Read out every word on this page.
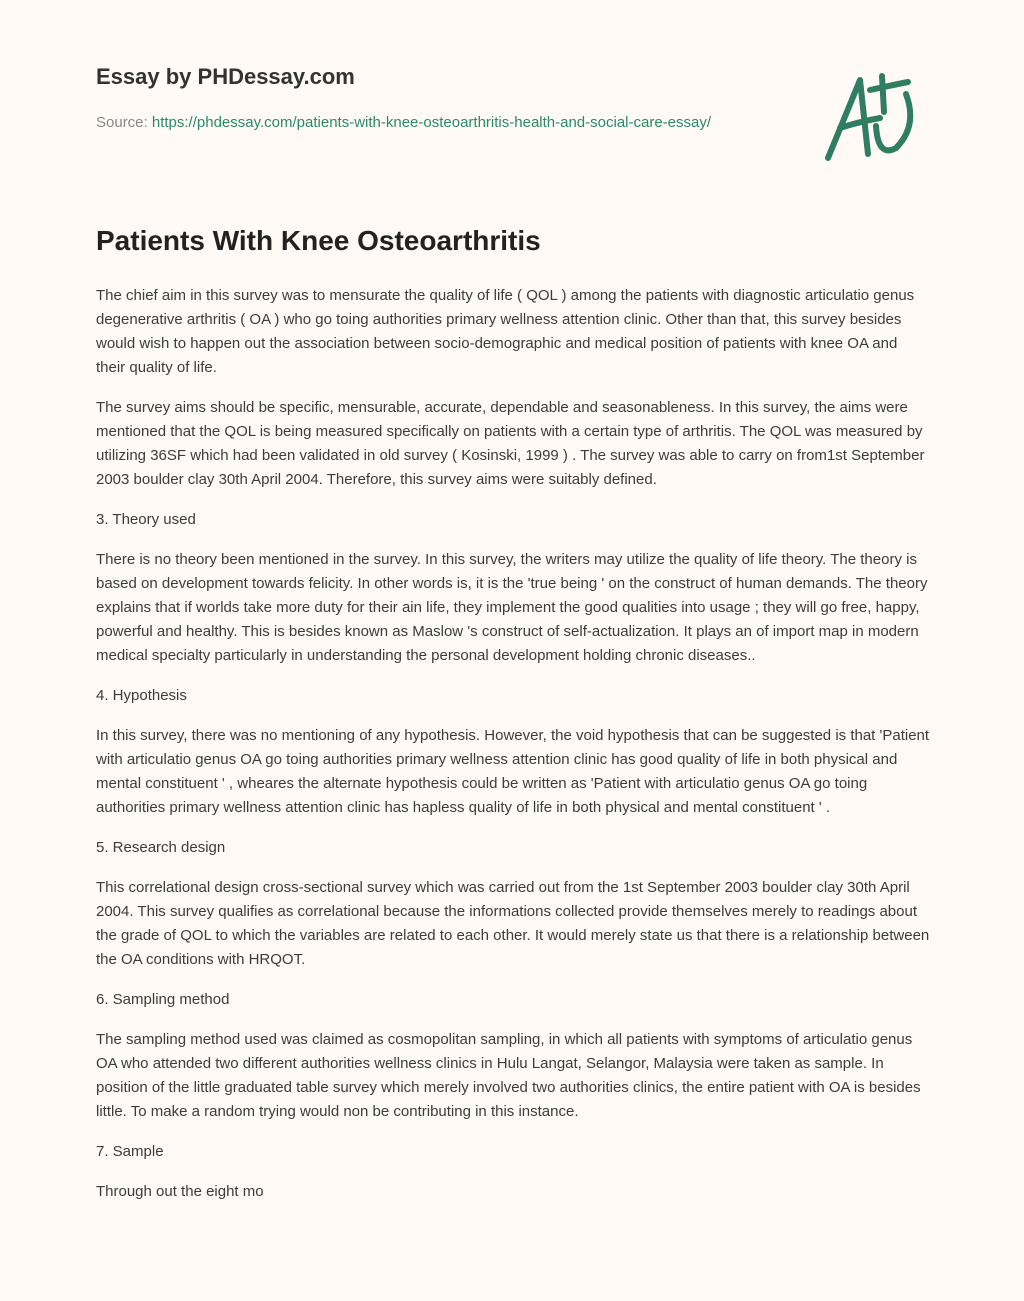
Essay by PHDessay.com
Source: https://phdessay.com/patients-with-knee-osteoarthritis-health-and-social-care-essay/
Patients With Knee Osteoarthritis

The chief aim in this survey was to mensurate the quality of life ( QOL ) among the patients with diagnostic articulatio genus degenerative arthritis ( OA ) who go toing authorities primary wellness attention clinic. Other than that, this survey besides would wish to happen out the association between socio-demographic and medical position of patients with knee OA and their quality of life.

The survey aims should be specific, mensurable, accurate, dependable and seasonableness. In this survey, the aims were mentioned that the QOL is being measured specifically on patients with a certain type of arthritis. The QOL was measured by utilizing 36SF which had been validated in old survey ( Kosinski, 1999 ) . The survey was able to carry on from1st September 2003 boulder clay 30th April 2004. Therefore, this survey aims were suitably defined.

3. Theory used

There is no theory been mentioned in the survey. In this survey, the writers may utilize the quality of life theory. The theory is based on development towards felicity. In other words is, it is the 'true being ' on the construct of human demands. The theory explains that if worlds take more duty for their ain life, they implement the good qualities into usage ; they will go free, happy, powerful and healthy. This is besides known as Maslow 's construct of self-actualization. It plays an of import map in modern medical specialty particularly in understanding the personal development holding chronic diseases..

4. Hypothesis

In this survey, there was no mentioning of any hypothesis. However, the void hypothesis that can be suggested is that 'Patient with articulatio genus OA go toing authorities primary wellness attention clinic has good quality of life in both physical and mental constituent ' , wheares the alternate hypothesis could be written as 'Patient with articulatio genus OA go toing authorities primary wellness attention clinic has hapless quality of life in both physical and mental constituent ' .

5. Research design

This correlational design cross-sectional survey which was carried out from the 1st September 2003 boulder clay 30th April 2004. This survey qualifies as correlational because the informations collected provide themselves merely to readings about the grade of QOL to which the variables are related to each other. It would merely state us that there is a relationship between the OA conditions with HRQOT.

6. Sampling method

The sampling method used was claimed as cosmopolitan sampling, in which all patients with symptoms of articulatio genus OA who attended two different authorities wellness clinics in Hulu Langat, Selangor, Malaysia were taken as sample. In position of the little graduated table survey which merely involved two authorities clinics, the entire patient with OA is besides little. To make a random trying would non be contributing in this instance.

7. Sample

Through out the eight mo
